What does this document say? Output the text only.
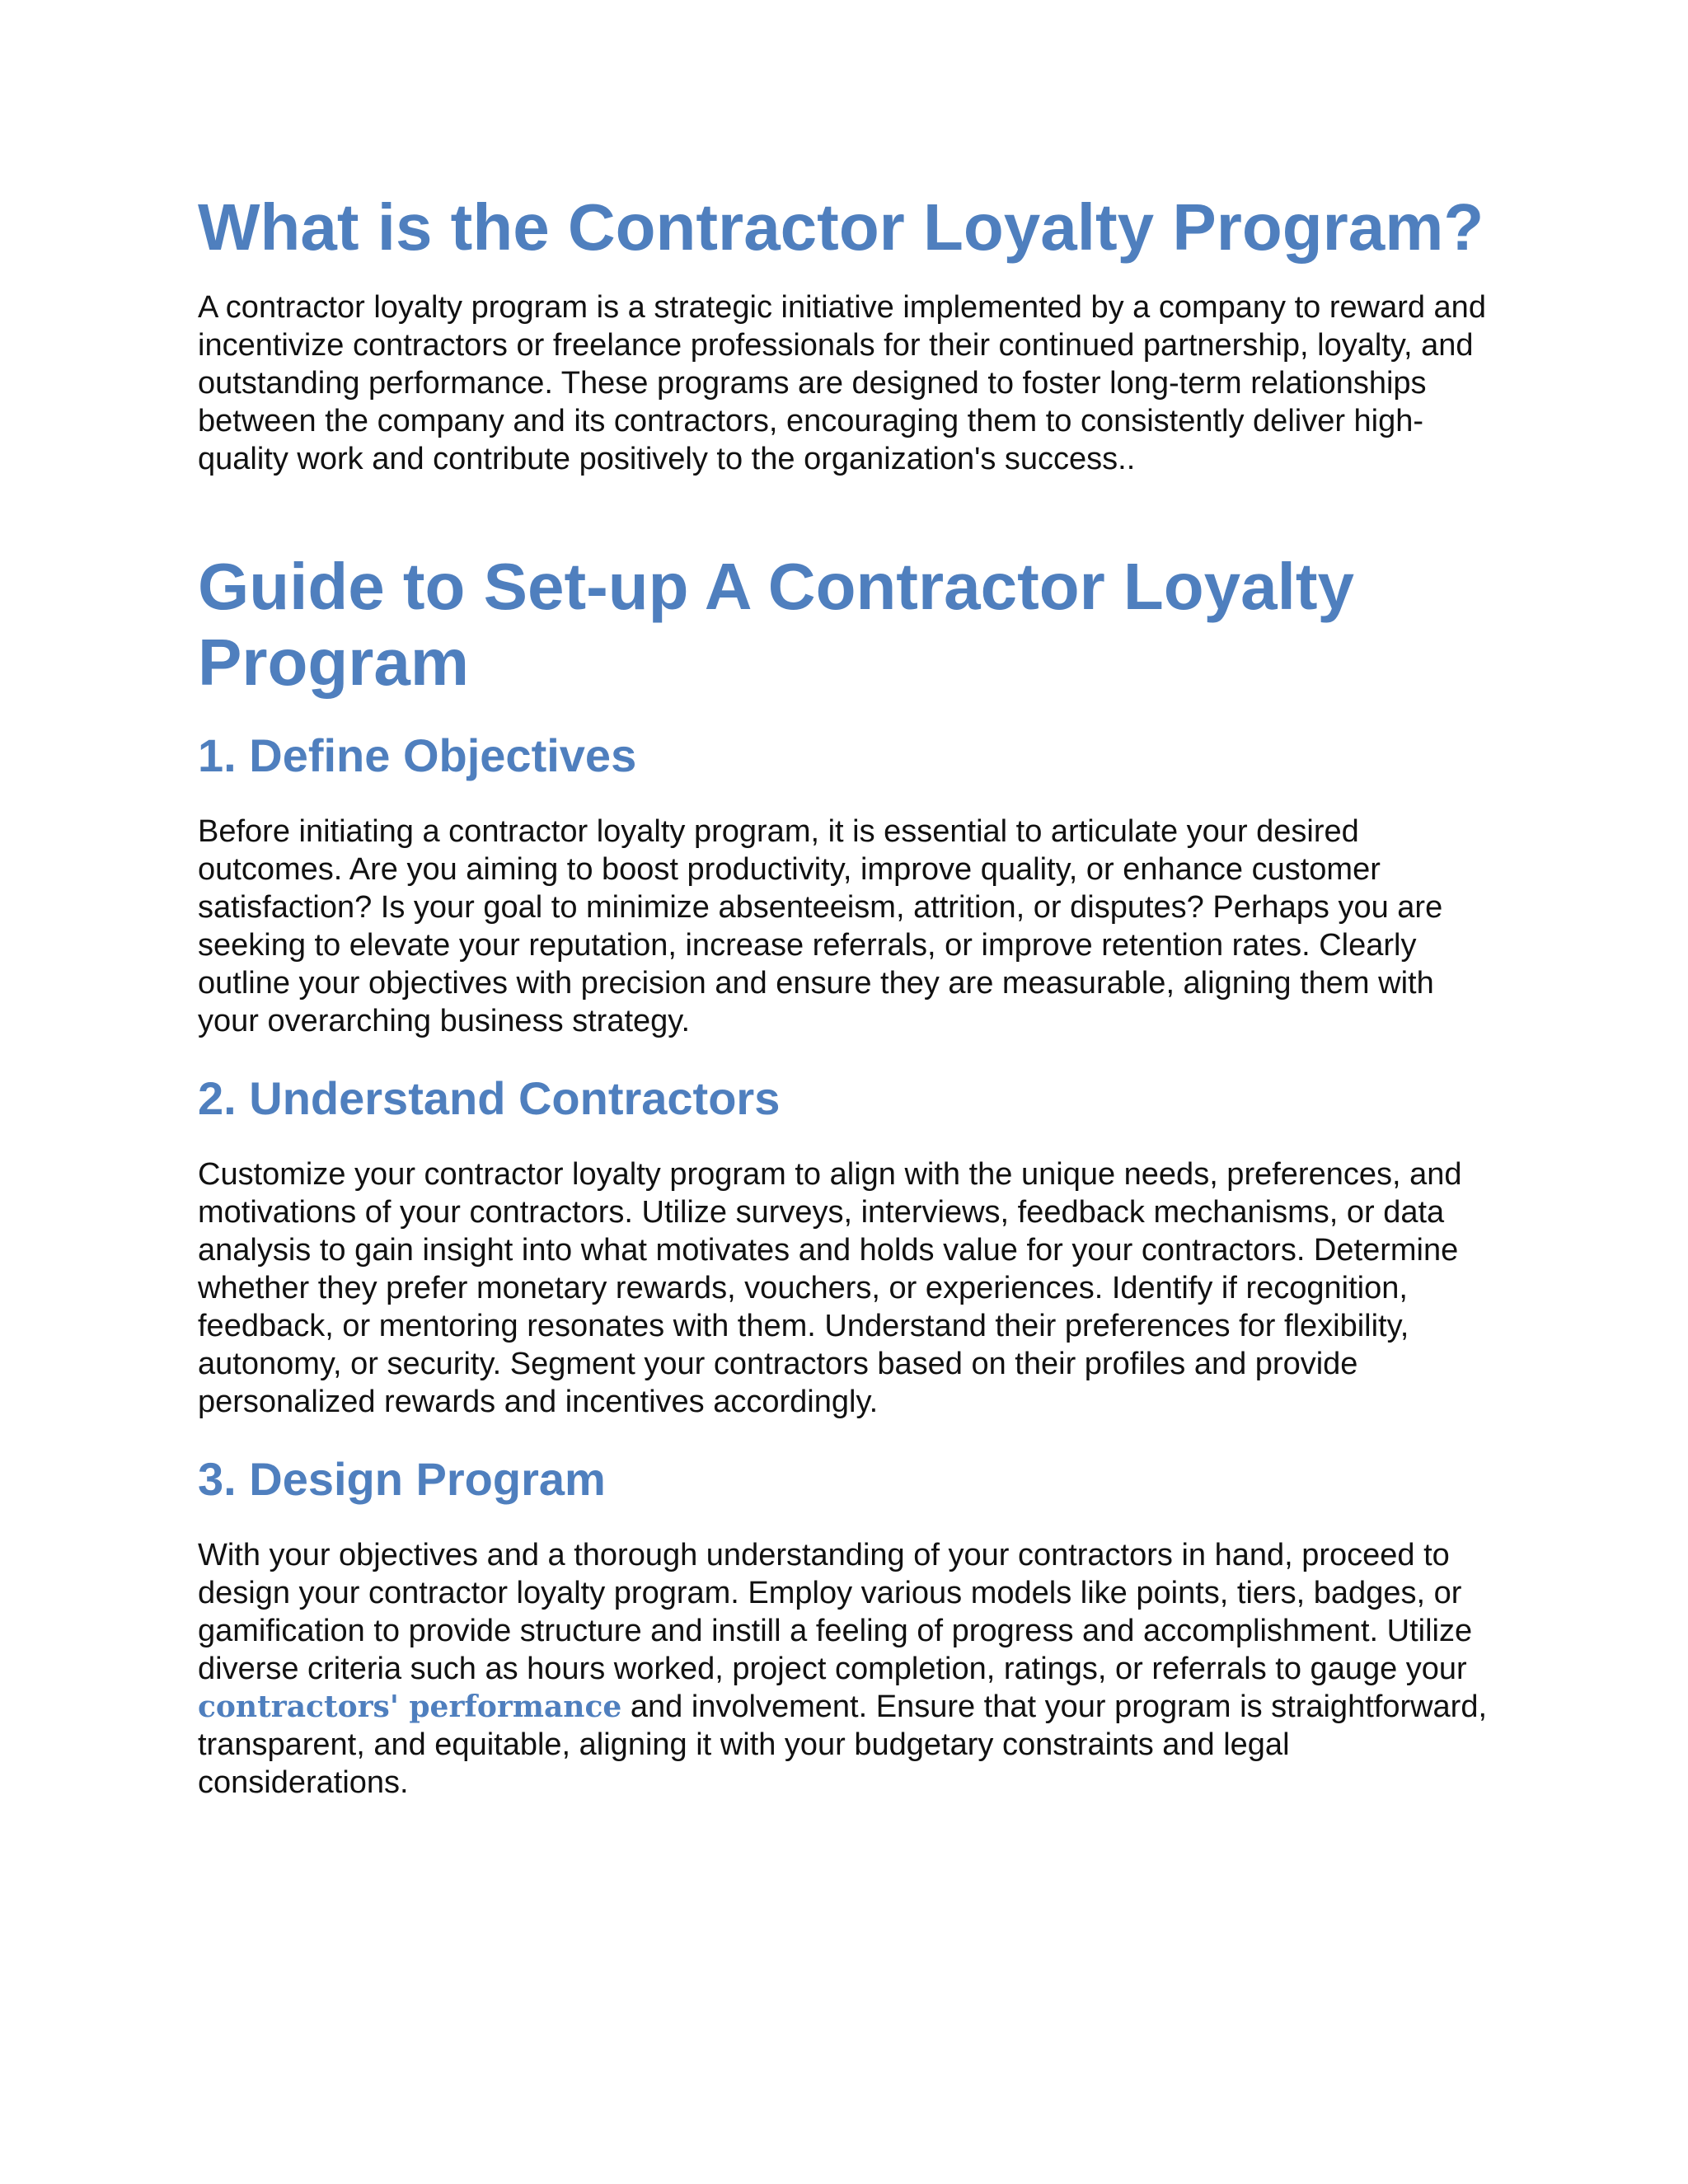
What is the Contractor Loyalty Program?

A contractor loyalty program is a strategic initiative implemented by a company to reward and incentivize contractors or freelance professionals for their continued partnership, loyalty, and outstanding performance. These programs are designed to foster long-term relationships between the company and its contractors, encouraging them to consistently deliver high-quality work and contribute positively to the organization's success..

Guide to Set-up A Contractor Loyalty Program
1. Define Objectives

Before initiating a contractor loyalty program, it is essential to articulate your desired outcomes. Are you aiming to boost productivity, improve quality, or enhance customer satisfaction? Is your goal to minimize absenteeism, attrition, or disputes? Perhaps you are seeking to elevate your reputation, increase referrals, or improve retention rates. Clearly outline your objectives with precision and ensure they are measurable, aligning them with your overarching business strategy.

2. Understand Contractors

Customize your contractor loyalty program to align with the unique needs, preferences, and motivations of your contractors. Utilize surveys, interviews, feedback mechanisms, or data analysis to gain insight into what motivates and holds value for your contractors. Determine whether they prefer monetary rewards, vouchers, or experiences. Identify if recognition, feedback, or mentoring resonates with them. Understand their preferences for flexibility, autonomy, or security. Segment your contractors based on their profiles and provide personalized rewards and incentives accordingly.

3. Design Program

With your objectives and a thorough understanding of your contractors in hand, proceed to design your contractor loyalty program. Employ various models like points, tiers, badges, or gamification to provide structure and instill a feeling of progress and accomplishment. Utilize diverse criteria such as hours worked, project completion, ratings, or referrals to gauge your contractors' performance and involvement. Ensure that your program is straightforward, transparent, and equitable, aligning it with your budgetary constraints and legal considerations.
